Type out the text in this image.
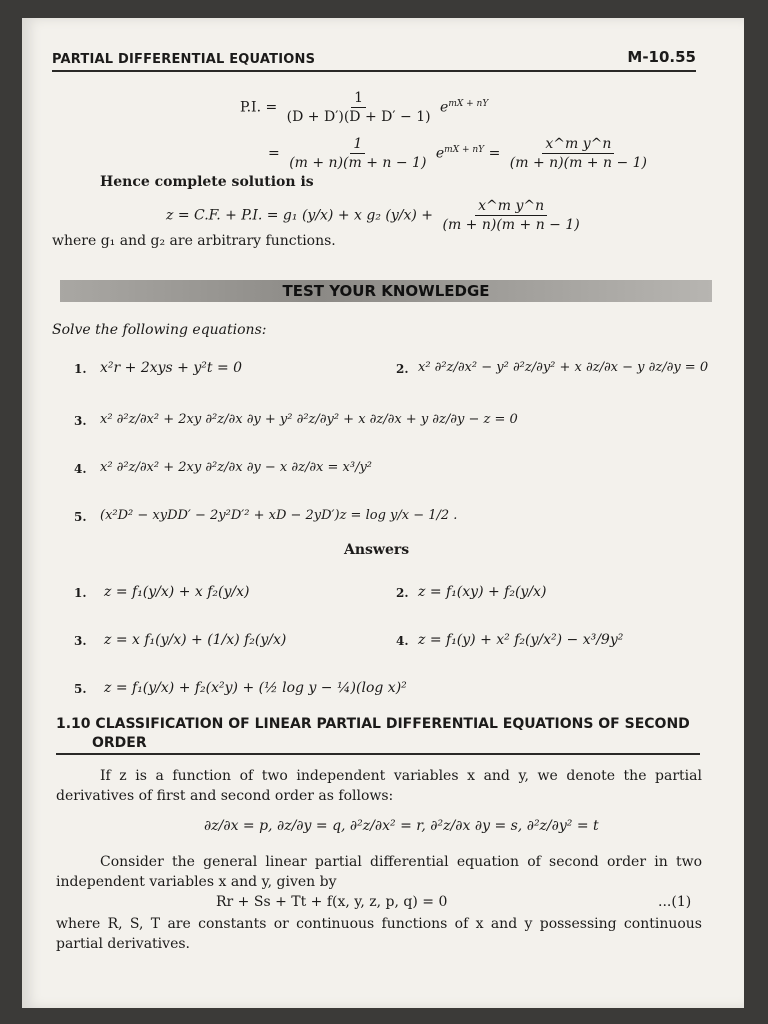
PARTIAL DIFFERENTIAL EQUATIONS	M-10.55
P.I. = $\frac{1}{(D + D')(D + D' - 1)} e^{mX + nY}$
= $\frac{1}{(m + n)(m + n - 1)} e^{mX + nY} = \frac{\text{x\textasciicircum{}m y\textasciicircum{}n}}{(m + n)(m + n - 1)}$
Hence complete solution is
z = C.F. + P.I. = g₁ (y/x) + x g₂ $(y/x) + \frac{\text{x\textasciicircum{}m y\textasciicircum{}n}}{(m + n)(m + n - 1)}$
where g₁ and g₂ are arbitrary functions.
TEST YOUR KNOWLEDGE
Solve the following equations:
1. x²r + 2xys + y²t = 0	2. x² ∂²z/∂x² − y² ∂²z/∂y² + x ∂z/∂x − y ∂z/∂y = 0
3. x² ∂²z/∂x² + 2xy ∂²z/∂x ∂y + y² ∂²z/∂y² + x ∂z/∂x + y ∂z/∂y − z = 0
4. x² ∂²z/∂x² + 2xy ∂²z/∂x ∂y − x ∂z/∂x = x³/y²
5. (x²D² − xyDD′ − 2y²D′² + xD − 2yD′)z = log y/x − 1/2 .
Answers
1. z = f₁(y/x) + x f₂(y/x)	2. z = f₁(xy) + f₂(y/x)
3. z = x f₁(y/x) + (1/x) f₂(y/x)	4. z = f₁(y) + x² f₂(y/x²) − x³/9y²
5. z = f₁(y/x) + f₂(x²y) + (½ log y − ¼)(log x)²
1.10 CLASSIFICATION OF LINEAR PARTIAL DIFFERENTIAL EQUATIONS OF SECOND
ORDER
If z is a function of two independent variables x and y, we denote the partial derivatives of first and second order as follows:
∂z/∂x = p, ∂z/∂y = q, ∂²z/∂x² = r, ∂²z/∂x ∂y = s, ∂²z/∂y² = t
Consider the general linear partial differential equation of second order in two independent variables x and y, given by
Rr + Ss + Tt + f(x, y, z, p, q) = 0	...(1)
where R, S, T are constants or continuous functions of x and y possessing continuous partial derivatives.
